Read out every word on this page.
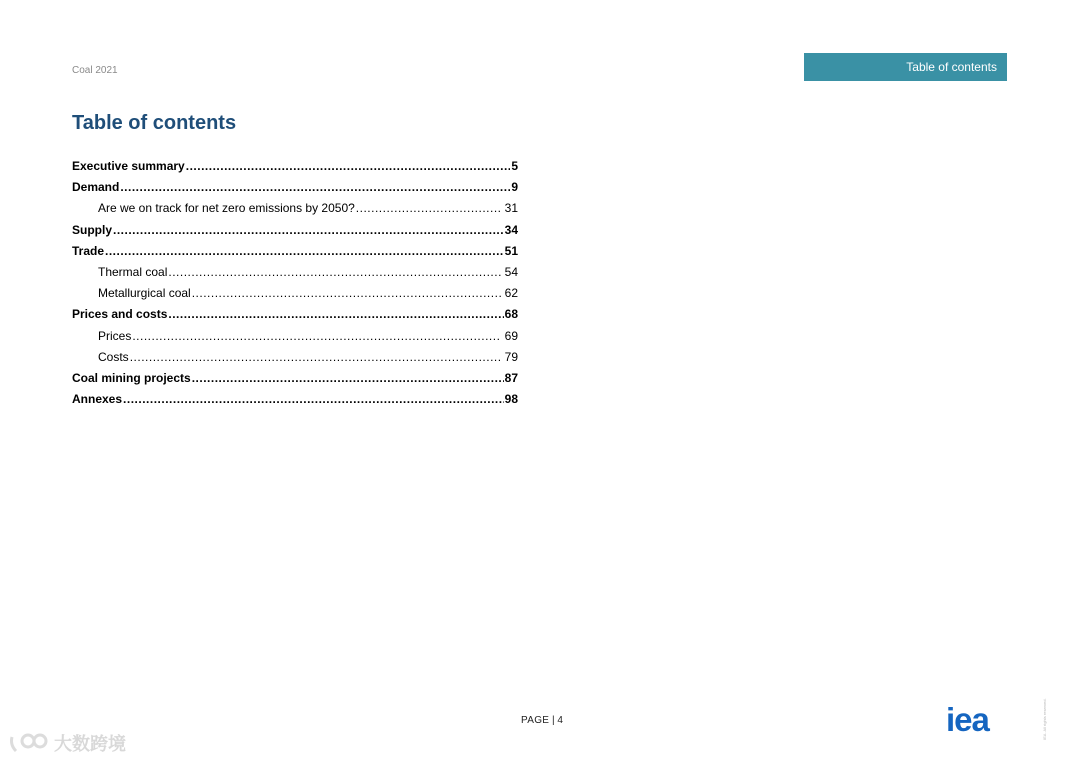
Coal 2021	Table of contents
Table of contents
Executive summary .....	5
Demand .....	9
Are we on track for net zero emissions by 2050? .....	31
Supply .....	34
Trade .....	51
Thermal coal .....	54
Metallurgical coal .....	62
Prices and costs .....	68
Prices .....	69
Costs .....	79
Coal mining projects .....	87
Annexes .....	98
PAGE | 4	IEA. All rights reserved.
iea
大数跨境
